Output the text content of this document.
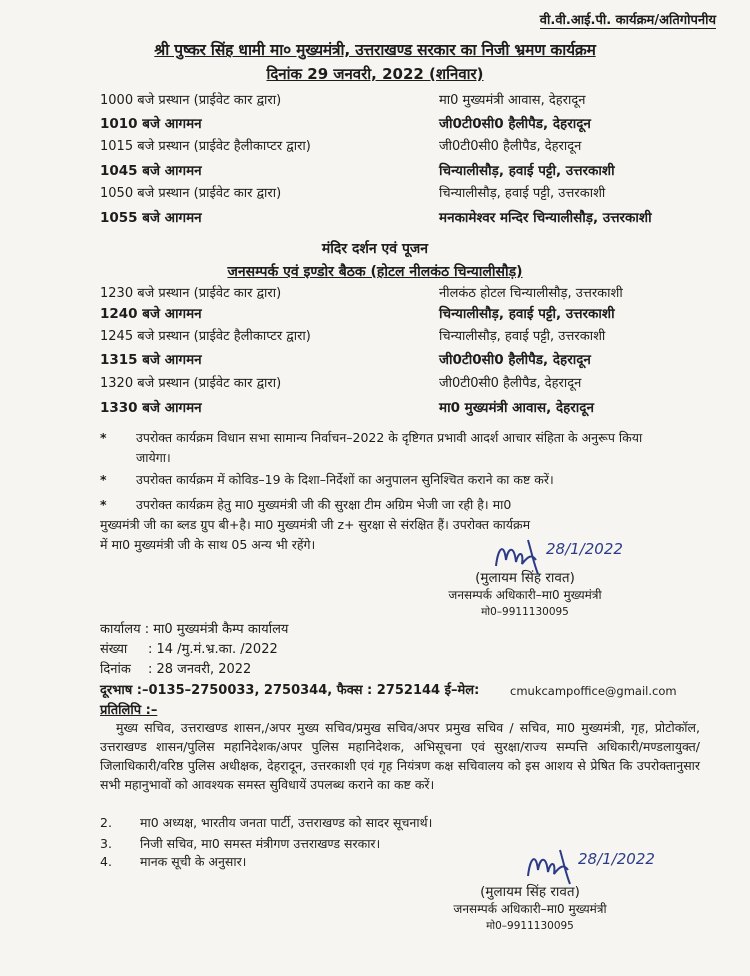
वी.वी.आई.पी. कार्यक्रम/अतिगोपनीय
श्री पुष्कर सिंह धामी मा० मुख्यमंत्री, उत्तराखण्ड सरकार का निजी भ्रमण कार्यक्रम
दिनांक 29 जनवरी, 2022 (शनिवार)
1000 बजे प्रस्थान (प्राईवेट कार द्वारा)	मा0 मुख्यमंत्री आवास, देहरादून
1010 बजे आगमन	जी0टी0सी0 हैलीपैड, देहरादून
1015 बजे प्रस्थान (प्राईवेट हैलीकाप्टर द्वारा)	जी0टी0सी0 हैलीपैड, देहरादून
1045 बजे आगमन	चिन्यालीसौड़, हवाई पट्टी, उत्तरकाशी
1050 बजे प्रस्थान (प्राईवेट कार द्वारा)	चिन्यालीसौड़, हवाई पट्टी, उत्तरकाशी
1055 बजे आगमन	मनकामेश्वर मन्दिर चिन्यालीसौड़, उत्तरकाशी
मंदिर दर्शन एवं पूजन
जनसम्पर्क एवं इण्डोर बैठक (होटल नीलकंठ चिन्यालीसौड़)
1230 बजे प्रस्थान (प्राईवेट कार द्वारा)	नीलकंठ होटल चिन्यालीसौड़, उत्तरकाशी
1240 बजे आगमन	चिन्यालीसौड़, हवाई पट्टी, उत्तरकाशी
1245 बजे प्रस्थान (प्राईवेट हैलीकाप्टर द्वारा)	चिन्यालीसौड़, हवाई पट्टी, उत्तरकाशी
1315 बजे आगमन	जी0टी0सी0 हैलीपैड, देहरादून
1320 बजे प्रस्थान (प्राईवेट कार द्वारा)	जी0टी0सी0 हैलीपैड, देहरादून
1330 बजे आगमन	मा0 मुख्यमंत्री आवास, देहरादून
* उपरोक्त कार्यक्रम विधान सभा सामान्य निर्वाचन–2022 के दृष्टिगत प्रभावी आदर्श आचार संहिता के अनुरूप किया जायेगा।
* उपरोक्त कार्यक्रम में कोविड–19 के दिशा–निर्देशों का अनुपालन सुनिश्चित कराने का कष्ट करें।
* उपरोक्त कार्यक्रम हेतु मा0 मुख्यमंत्री जी की सुरक्षा टीम अग्रिम भेजी जा रही है। मा0
मुख्यमंत्री जी का ब्लड ग्रुप बी+है। मा0 मुख्यमंत्री जी z+ सुरक्षा से संरक्षित हैं। उपरोक्त कार्यक्रम
में मा0 मुख्यमंत्री जी के साथ 05 अन्य भी रहेंगे।	28/1/2022
(मुलायम सिंह रावत)
जनसम्पर्क अधिकारी–मा0 मुख्यमंत्री
मो0–9911130095
कार्यालय : मा0 मुख्यमंत्री कैम्प कार्यालय
संख्या : 14 /मु.मं.भ्र.का. /2022
दिनांक : 28 जनवरी, 2022
दूरभाष :–0135–2750033, 2750344, फैक्स : 2752144 ई–मेल:	cmukcampoffice@gmail.com
प्रतिलिपि :–
मुख्य सचिव, उत्तराखण्ड शासन,/अपर मुख्य सचिव/प्रमुख सचिव/अपर प्रमुख सचिव / सचिव, मा0 मुख्यमंत्री, गृह, प्रोटोकॉल, उत्तराखण्ड शासन/पुलिस महानिदेशक/अपर पुलिस महानिदेशक, अभिसूचना एवं सुरक्षा/राज्य सम्पत्ति अधिकारी/मण्डलायुक्त/जिलाधिकारी/वरिष्ठ पुलिस अधीक्षक, देहरादून, उत्तरकाशी एवं गृह नियंत्रण कक्ष सचिवालय को इस आशय से प्रेषित कि उपरोक्तानुसार सभी महानुभावों को आवश्यक समस्त सुविधायें उपलब्ध कराने का कष्ट करें।
2.	मा0 अध्यक्ष, भारतीय जनता पार्टी, उत्तराखण्ड को सादर सूचनार्थ।
3.	निजी सचिव, मा0 समस्त मंत्रीगण उत्तराखण्ड सरकार।
4.	मानक सूची के अनुसार।	28/1/2022
(मुलायम सिंह रावत)
जनसम्पर्क अधिकारी–मा0 मुख्यमंत्री
मो0–9911130095
